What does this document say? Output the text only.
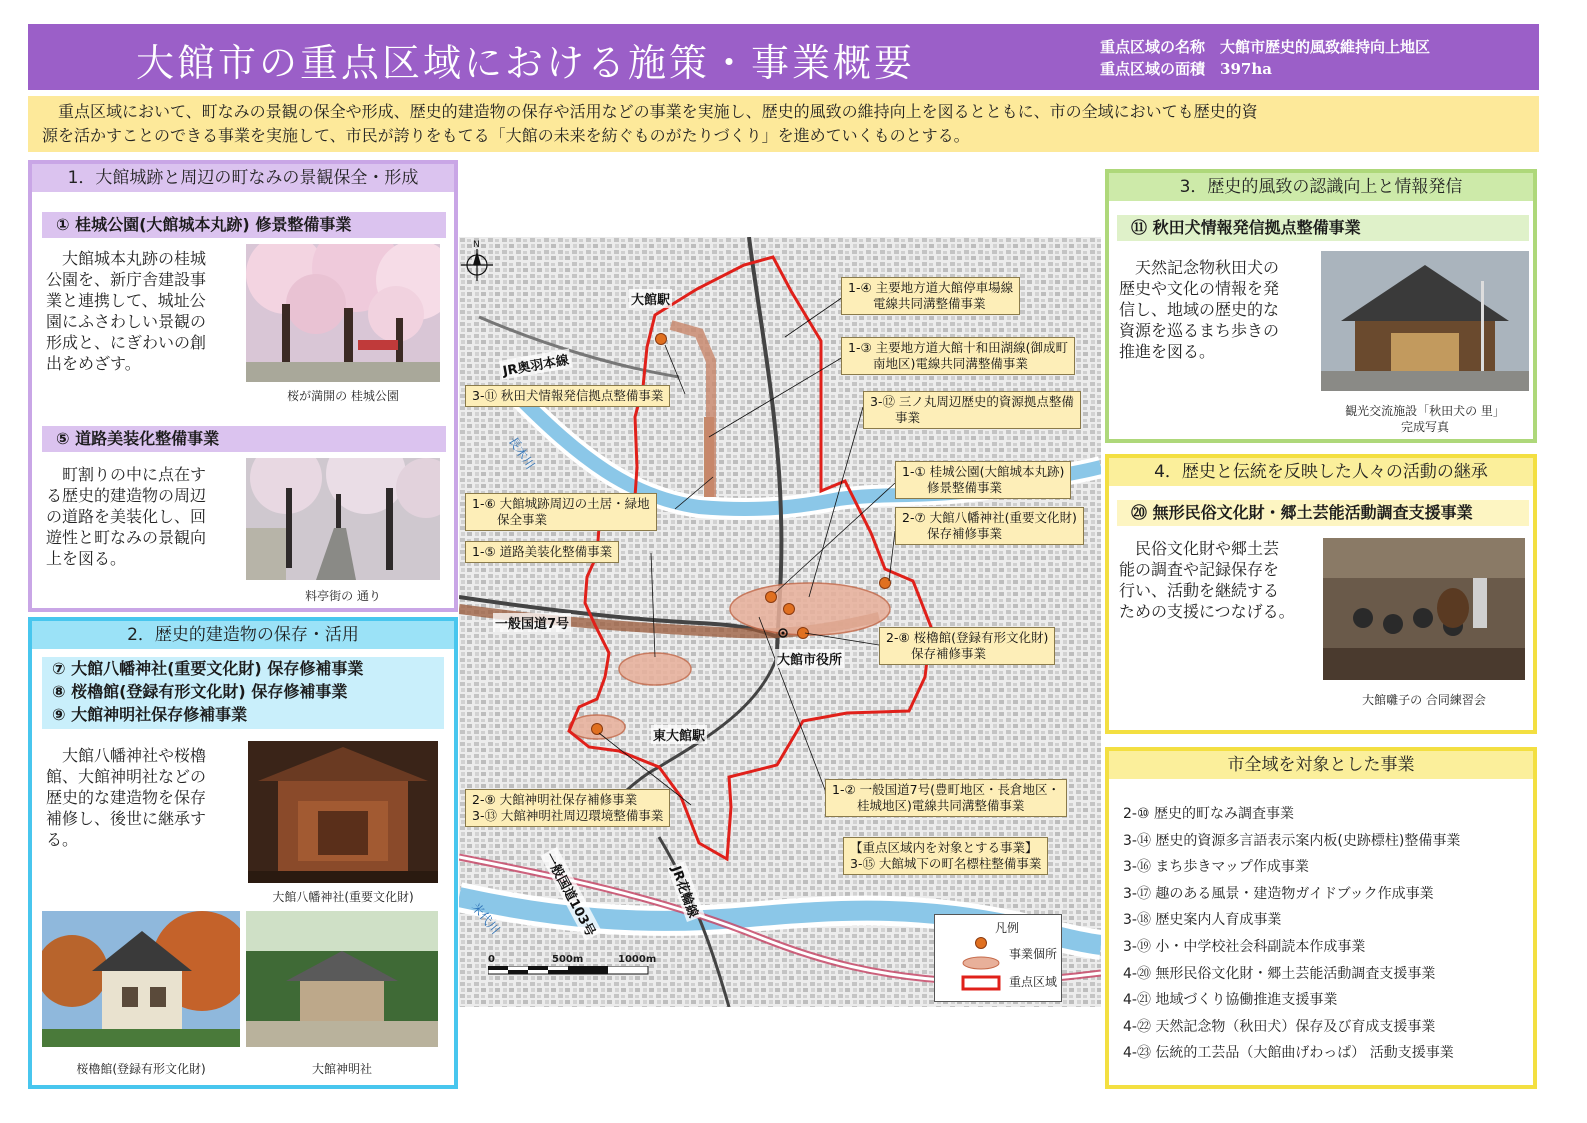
大館市の重点区域における施策・事業概要	重点区域の名称　 大館市歴史的風致維持向上地区
重点区域の面積　 397ha
　重点区域において、町なみの景観の保全や形成、歴史的建造物の保存や活用などの事業を実施し、歴史的風致の維持向上を図るとともに、市の全域においても歴史的資
源を活かすことのできる事業を実施して、市民が誇りをもてる「大館の未来を紡ぐものがたりづくり」を進めていくものとする。
1．大館城跡と周辺の町なみの景観保全・形成
① 桂城公園(大館城本丸跡) 修景整備事業
　大館城本丸跡の桂城
公園を、新庁舎建設事
業と連携して、城址公
園にふさわしい景観の
形成と、にぎわいの創
出をめざす。
桜が満開の 桂城公園
⑤ 道路美装化整備事業
　町割りの中に点在す
る歴史的建造物の周辺
の道路を美装化し、回
遊性と町なみの景観向
上を図る。
料亭街の 通り
2．歴史的建造物の保存・活用
⑦ 大館八幡神社(重要文化財) 保存修補事業
⑧ 桜櫓館(登録有形文化財) 保存修補事業
⑨ 大館神明社保存修補事業
　大館八幡神社や桜櫓
館、大館神明社などの
歴史的な建造物を保存
補修し、後世に継承す
る。
大館八幡神社(重要文化財)
桜櫓館(登録有形文化財)	大館神明社
3．歴史的風致の認識向上と情報発信
⑪ 秋田犬情報発信拠点整備事業
　天然記念物秋田犬の
歴史や文化の情報を発
信し、地域の歴史的な
資源を巡るまち歩きの
推進を図る。
観光交流施設「秋田犬の 里」
完成写真
4．歴史と伝統を反映した人々の活動の継承
⑳ 無形民俗文化財・郷土芸能活動調査支援事業
　民俗文化財や郷土芸
能の調査や記録保存を
行い、活動を継続する
ための支援につなげる。
大館囃子の 合同練習会
市全域を対象とした事業
2-⑩ 歴史的町なみ調査事業
3-⑭ 歴史的資源多言語表示案内板(史跡標柱)整備事業
3-⑯ まち歩きマップ作成事業
3-⑰ 趣のある風景・建造物ガイドブック作成事業
3-⑱ 歴史案内人育成事業
3-⑲ 小・中学校社会科副読本作成事業
4-⑳ 無形民俗文化財・郷土芸能活動調査支援事業
4-㉑ 地域づくり協働推進支援事業
4-㉒ 天然記念物（秋田犬）保存及び育成支援事業
4-㉓ 伝統的工芸品（大館曲げわっぱ） 活動支援事業
N
大館駅
JR奥羽本線
一般国道7号
大館市役所
東大館駅
一般国道103号	JR花輪線
長木川
米代川
1-④ 主要地方道大館停車場線
　　電線共同溝整備事業
1-③ 主要地方道大館十和田湖線(御成町
　　南地区)電線共同溝整備事業
3-⑪ 秋田犬情報発信拠点整備事業	3-⑫ 三ノ丸周辺歴史的資源拠点整備
　　事業
1-① 桂城公園(大館城本丸跡)
　　修景整備事業
1-⑥ 大館城跡周辺の土居・緑地
　　保全事業	2-⑦ 大館八幡神社(重要文化財)
　　保存補修事業
1-⑤ 道路美装化整備事業
2-⑧ 桜櫓館(登録有形文化財)
　　保存補修事業
2-⑨ 大館神明社保存補修事業
3-⑬ 大館神明社周辺環境整備事業
1-② 一般国道7号(豊町地区・長倉地区・
　　桂城地区)電線共同溝整備事業
【重点区域内を対象とする事業】
3-⑮ 大館城下の町名標柱整備事業
0	500m	1000m
凡例
事業個所
重点区域
